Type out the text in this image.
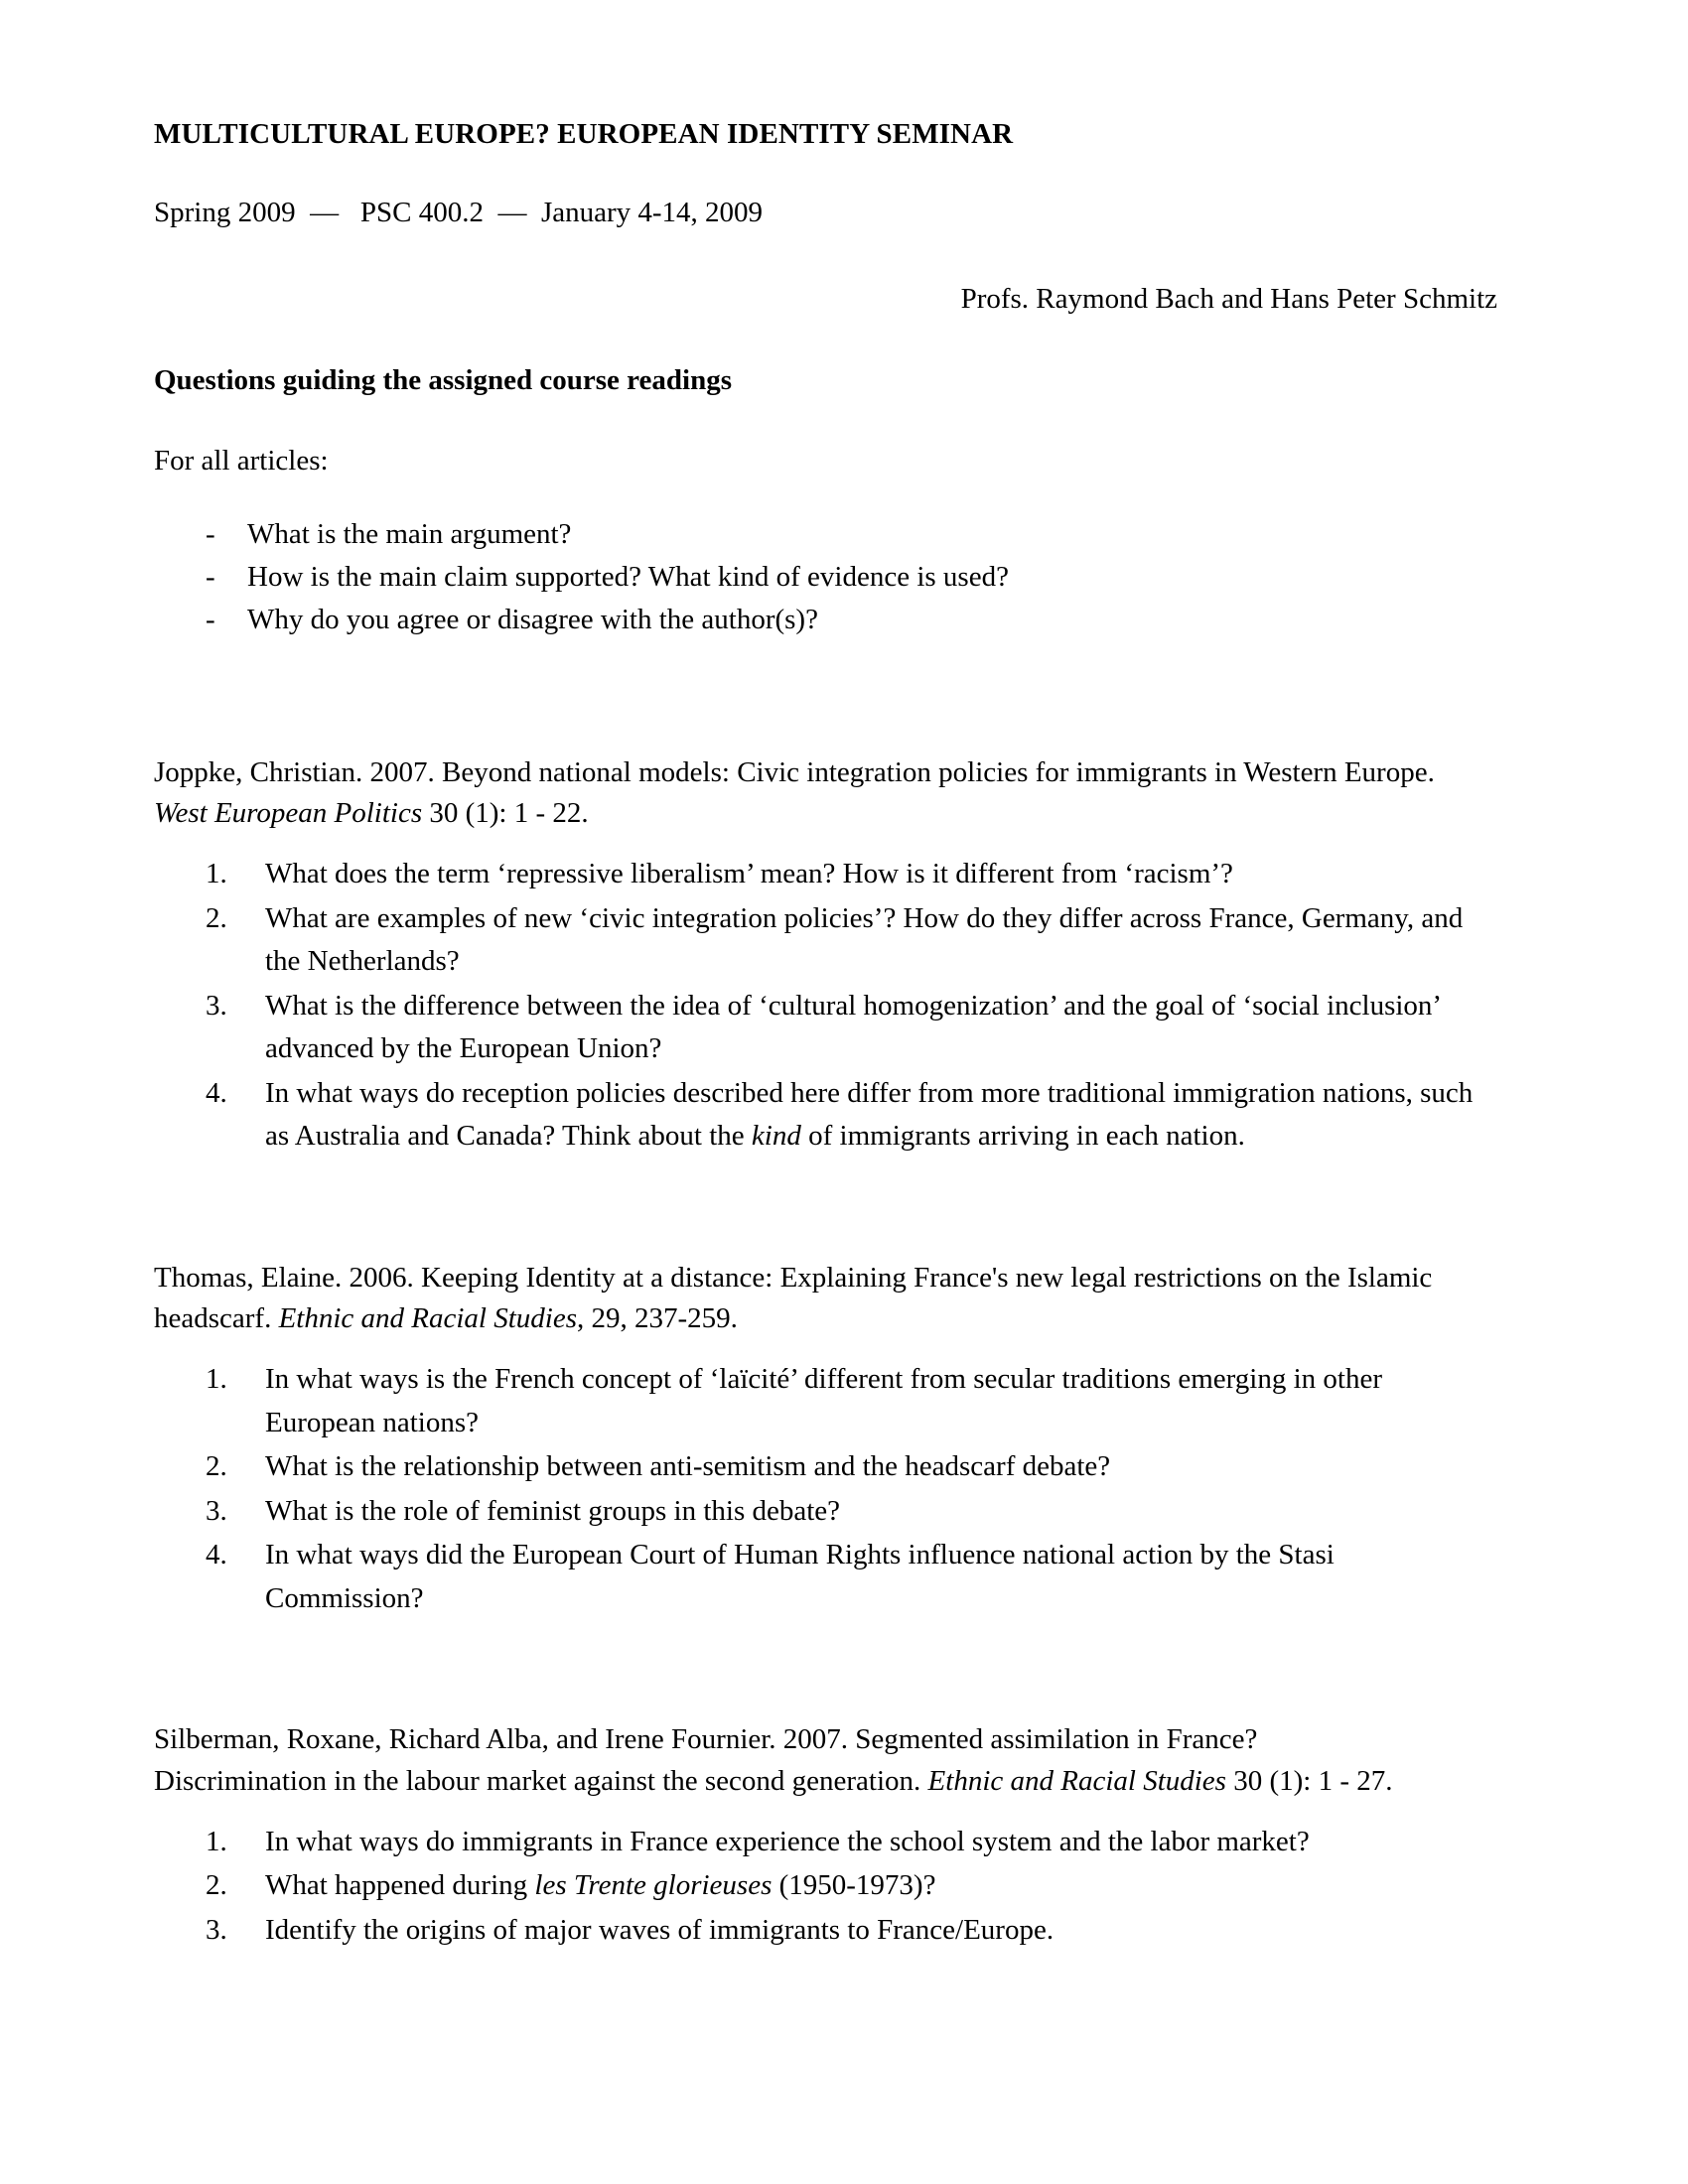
MULTICULTURAL EUROPE? EUROPEAN IDENTITY SEMINAR
Spring 2009  —   PSC 400.2  —  January 4-14, 2009
Profs. Raymond Bach and Hans Peter Schmitz
Questions guiding the assigned course readings
For all articles:
- What is the main argument?
- How is the main claim supported? What kind of evidence is used?
- Why do you agree or disagree with the author(s)?
Joppke, Christian. 2007. Beyond national models: Civic integration policies for immigrants in Western Europe. West European Politics 30 (1): 1 - 22.
What does the term ‘repressive liberalism’ mean? How is it different from ‘racism’?
What are examples of new ‘civic integration policies’? How do they differ across France, Germany, and the Netherlands?
What is the difference between the idea of ‘cultural homogenization’ and the goal of ‘social inclusion’ advanced by the European Union?
In what ways do reception policies described here differ from more traditional immigration nations, such as Australia and Canada? Think about the kind of immigrants arriving in each nation.
Thomas, Elaine. 2006. Keeping Identity at a distance: Explaining France's new legal restrictions on the Islamic headscarf. Ethnic and Racial Studies, 29, 237-259.
In what ways is the French concept of ‘laïcité’ different from secular traditions emerging in other European nations?
What is the relationship between anti-semitism and the headscarf debate?
What is the role of feminist groups in this debate?
In what ways did the European Court of Human Rights influence national action by the Stasi Commission?
Silberman, Roxane, Richard Alba, and Irene Fournier. 2007. Segmented assimilation in France? Discrimination in the labour market against the second generation. Ethnic and Racial Studies 30 (1): 1 - 27.
In what ways do immigrants in France experience the school system and the labor market?
What happened during les Trente glorieuses (1950-1973)?
Identify the origins of major waves of immigrants to France/Europe.
